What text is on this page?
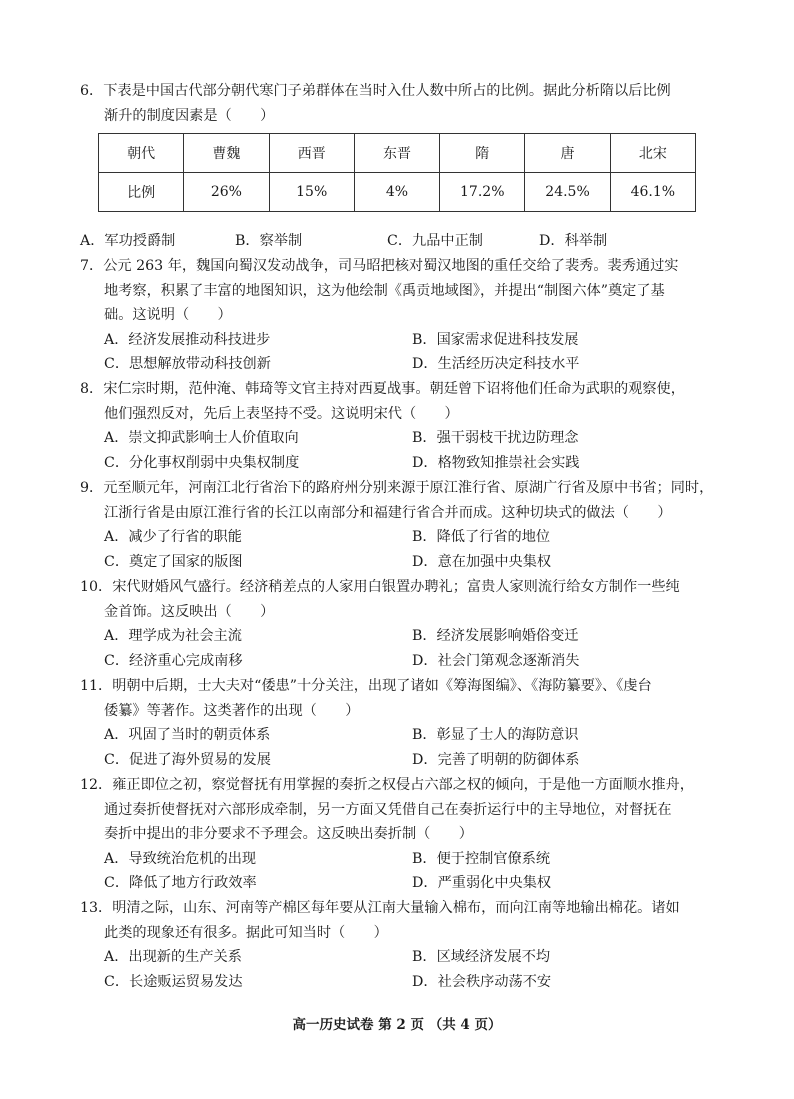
6．下表是中国古代部分朝代寒门子弟群体在当时入仕人数中所占的比例。据此分析隋以后比例
渐升的制度因素是（　　）
朝代	曹魏	西晋	东晋	隋	唐	北宋
比例	26%	15%	4%	17.2%	24.5%	46.1%
A．军功授爵制	B．察举制	C．九品中正制	D．科举制
7．公元 263 年，魏国向蜀汉发动战争，司马昭把核对蜀汉地图的重任交给了裴秀。裴秀通过实
地考察，积累了丰富的地图知识，这为他绘制《禹贡地域图》，并提出“制图六体”奠定了基
础。这说明（　　）
A．经济发展推动科技进步	B．国家需求促进科技发展
C．思想解放带动科技创新	D．生活经历决定科技水平
8．宋仁宗时期，范仲淹、韩琦等文官主持对西夏战事。朝廷曾下诏将他们任命为武职的观察使，
他们强烈反对，先后上表坚持不受。这说明宋代（　　）
A．崇文抑武影响士人价值取向	B．强干弱枝干扰边防理念
C．分化事权削弱中央集权制度	D．格物致知推崇社会实践
9．元至顺元年，河南江北行省治下的路府州分别来源于原江淮行省、原湖广行省及原中书省；同时，
江浙行省是由原江淮行省的长江以南部分和福建行省合并而成。这种切块式的做法（　　）
A．减少了行省的职能	B．降低了行省的地位
C．奠定了国家的版图	D．意在加强中央集权
10．宋代财婚风气盛行。经济稍差点的人家用白银置办聘礼；富贵人家则流行给女方制作一些纯
金首饰。这反映出（　　）
A．理学成为社会主流	B．经济发展影响婚俗变迁
C．经济重心完成南移	D．社会门第观念逐渐消失
11．明朝中后期，士大夫对“倭患”十分关注，出现了诸如《筹海图编》、《海防纂要》、《虔台
倭纂》等著作。这类著作的出现（　　）
A．巩固了当时的朝贡体系	B．彰显了士人的海防意识
C．促进了海外贸易的发展	D．完善了明朝的防御体系
12．雍正即位之初，察觉督抚有用掌握的奏折之权侵占六部之权的倾向，于是他一方面顺水推舟，
通过奏折使督抚对六部形成牵制，另一方面又凭借自己在奏折运行中的主导地位，对督抚在
奏折中提出的非分要求不予理会。这反映出奏折制（　　）
A．导致统治危机的出现	B．便于控制官僚系统
C．降低了地方行政效率	D．严重弱化中央集权
13．明清之际，山东、河南等产棉区每年要从江南大量输入棉布，而向江南等地输出棉花。诸如
此类的现象还有很多。据此可知当时（　　）
A．出现新的生产关系	B．区域经济发展不均
C．长途贩运贸易发达	D．社会秩序动荡不安
高一历史试卷 第 2 页 （共 4 页）
